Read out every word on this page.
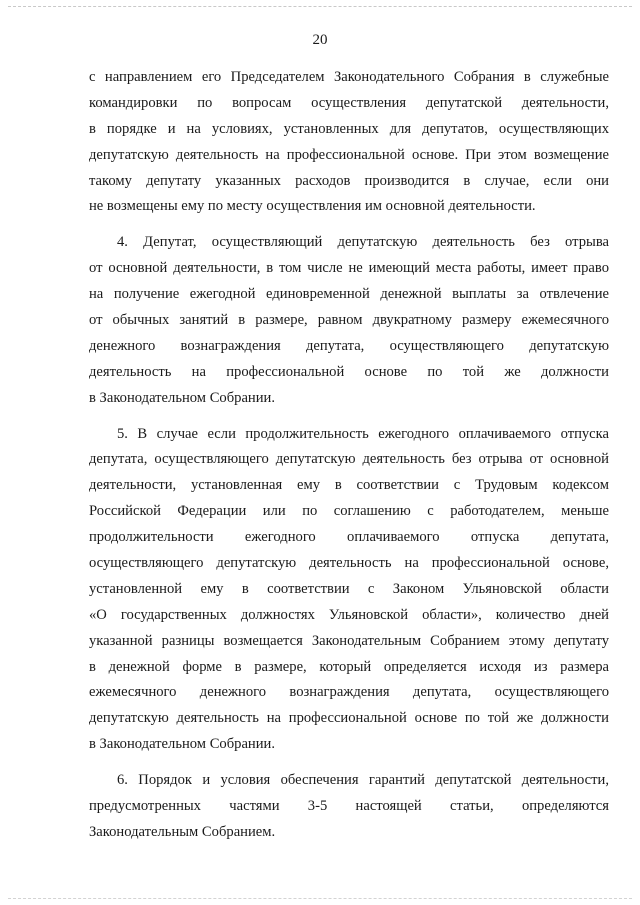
20
с направлением его Председателем Законодательного Собрания в служебные
командировки по вопросам осуществления депутатской деятельности,
в порядке и на условиях, установленных для депутатов, осуществляющих
депутатскую деятельность на профессиональной основе. При этом возмещение
такому депутату указанных расходов производится в случае, если они
не возмещены ему по месту осуществления им основной деятельности.
4. Депутат, осуществляющий депутатскую деятельность без отрыва
от основной деятельности, в том числе не имеющий места работы, имеет право
на получение ежегодной единовременной денежной выплаты за отвлечение
от обычных занятий в размере, равном двукратному размеру ежемесячного
денежного вознаграждения депутата, осуществляющего депутатскую
деятельность на профессиональной основе по той же должности
в Законодательном Собрании.
5. В случае если продолжительность ежегодного оплачиваемого отпуска
депутата, осуществляющего депутатскую деятельность без отрыва от основной
деятельности, установленная ему в соответствии с Трудовым кодексом
Российской Федерации или по соглашению с работодателем, меньше
продолжительности ежегодного оплачиваемого отпуска депутата,
осуществляющего депутатскую деятельность на профессиональной основе,
установленной ему в соответствии с Законом Ульяновской области
«О государственных должностях Ульяновской области», количество дней
указанной разницы возмещается Законодательным Собранием этому депутату
в денежной форме в размере, который определяется исходя из размера
ежемесячного денежного вознаграждения депутата, осуществляющего
депутатскую деятельность на профессиональной основе по той же должности
в Законодательном Собрании.
6. Порядок и условия обеспечения гарантий депутатской деятельности,
предусмотренных частями 3-5 настоящей статьи, определяются
Законодательным Собранием.
